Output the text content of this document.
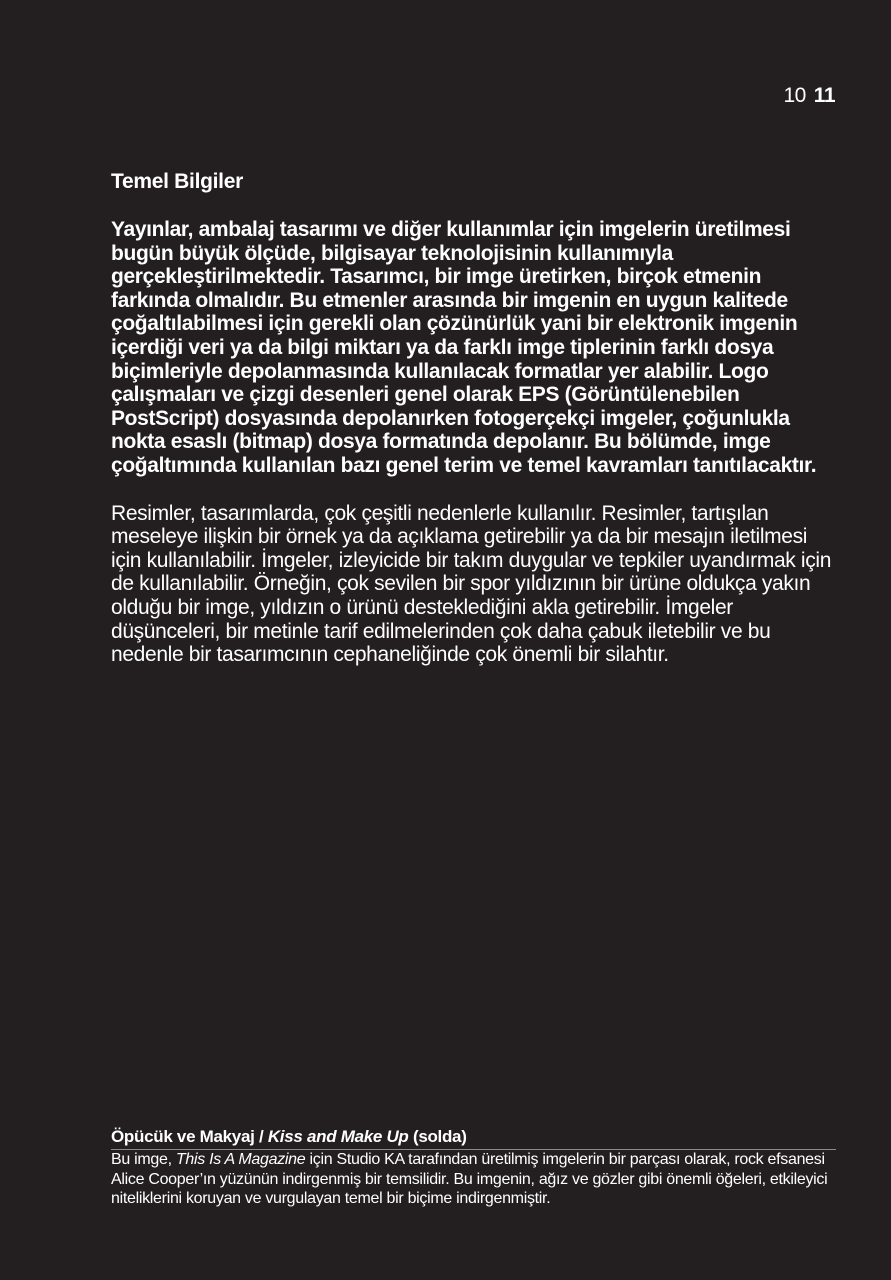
10 11
Temel Bilgiler

Yayınlar, ambalaj tasarımı ve diğer kullanımlar için imgelerin üretilmesi bugün büyük ölçüde, bilgisayar teknolojisinin kullanımıyla gerçekleştirilmektedir. Tasarımcı, bir imge üretirken, birçok etmenin farkında olmalıdır. Bu etmenler arasında bir imgenin en uygun kalitede çoğaltılabilmesi için gerekli olan çözünürlük yani bir elektronik imgenin içerdiği veri ya da bilgi miktarı ya da farklı imge tiplerinin farklı dosya biçimleriyle depolanmasında kullanılacak formatlar yer alabilir. Logo çalışmaları ve çizgi desenleri genel olarak EPS (Görüntülenebilen PostScript) dosyasında depolanırken fotogerçekçi imgeler, çoğunlukla nokta esaslı (bitmap) dosya formatında depolanır. Bu bölümde, imge çoğaltımında kullanılan bazı genel terim ve temel kavramları tanıtılacaktır.

Resimler, tasarımlarda, çok çeşitli nedenlerle kullanılır. Resimler, tartışılan meseleye ilişkin bir örnek ya da açıklama getirebilir ya da bir mesajın iletilmesi için kullanılabilir. İmgeler, izleyicide bir takım duygular ve tepkiler uyandırmak için de kullanılabilir. Örneğin, çok sevilen bir spor yıldızının bir ürüne oldukça yakın olduğu bir imge, yıldızın o ürünü desteklediğini akla getirebilir. İmgeler düşünceleri, bir metinle tarif edilmelerinden çok daha çabuk iletebilir ve bu nedenle bir tasarımcının cephaneliğinde çok önemli bir silahtır.

Öpücük ve Makyaj / Kiss and Make Up (solda)

Bu imge, This Is A Magazine için Studio KA tarafından üretilmiş imgelerin bir parçası olarak, rock efsanesi Alice Cooper’ın yüzünün indirgenmiş bir temsilidir. Bu imgenin, ağız ve gözler gibi önemli öğeleri, etkileyici niteliklerini koruyan ve vurgulayan temel bir biçime indirgenmiştir.
